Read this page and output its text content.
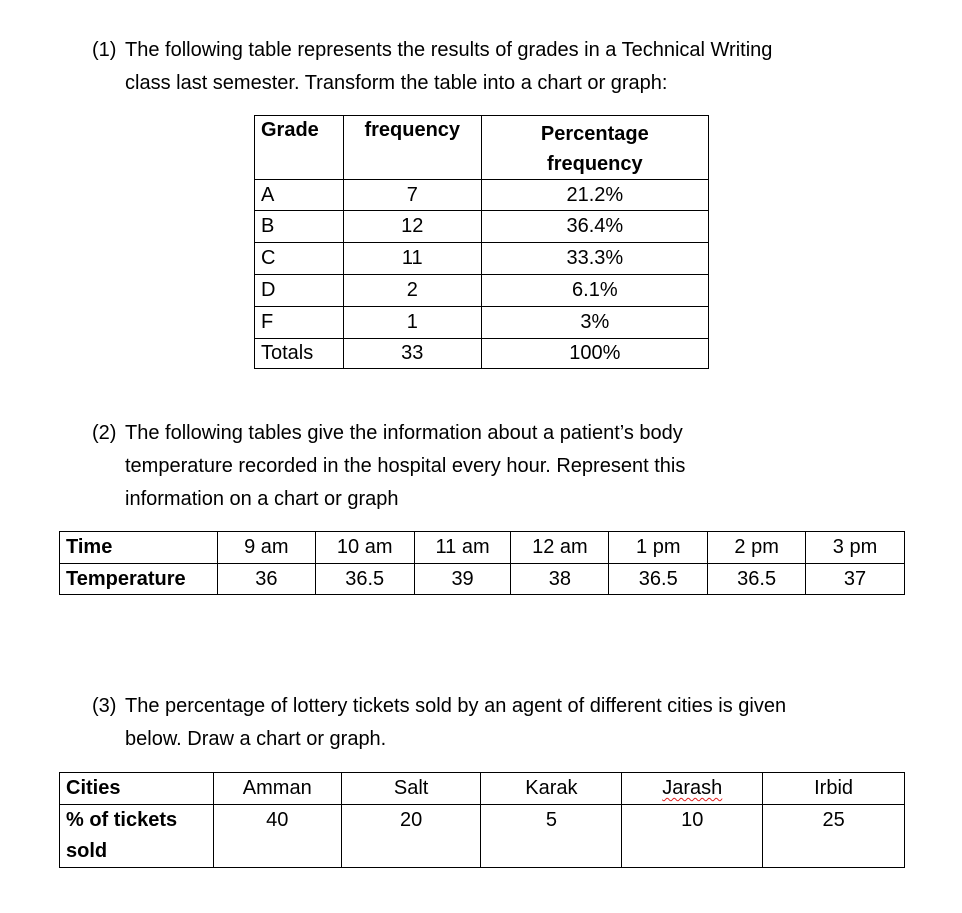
(1) The following table represents the results of grades in a Technical Writing
class last semester. Transform the table into a chart or graph:
Grade	frequency	Percentage
frequency
A	7	21.2%
B	12	36.4%
C	11	33.3%
D	2	6.1%
F	1	3%
Totals	33	100%
(2) The following tables give the information about a patient’s body
temperature recorded in the hospital every hour. Represent this
information on a chart or graph
Time	9 am	10 am	11 am	12 am	1 pm	2 pm	3 pm
Temperature	36	36.5	39	38	36.5	36.5	37
(3) The percentage of lottery tickets sold by an agent of different cities is given
below. Draw a chart or graph.
Cities	Amman	Salt	Karak	Jarash	Irbid
% of tickets
sold	40	20	5	10	25
